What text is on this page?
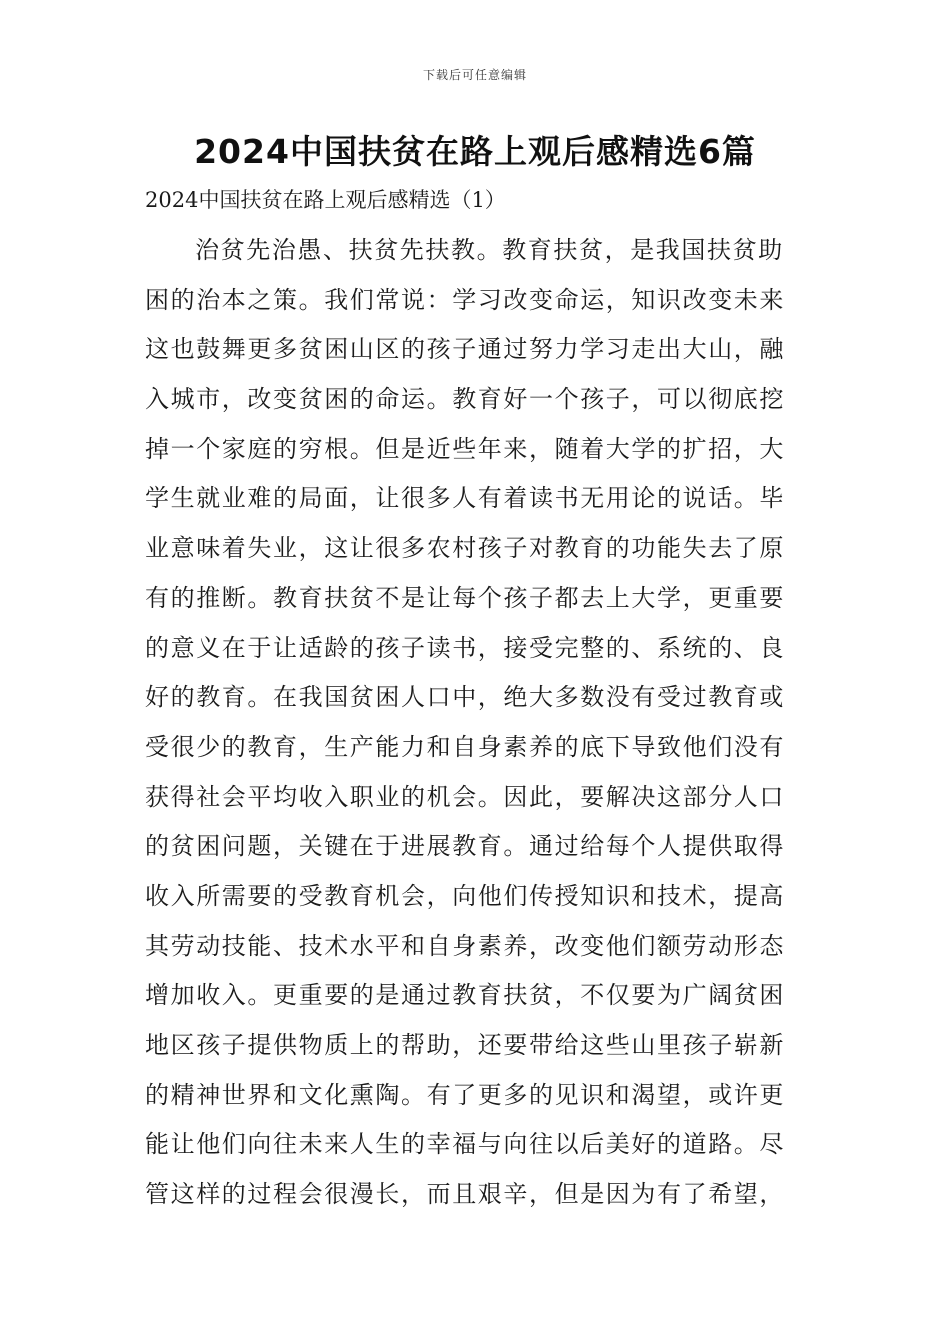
下载后可任意编辑
2024中国扶贫在路上观后感精选6篇
2024中国扶贫在路上观后感精选（1）
治贫先治愚、扶贫先扶教。教育扶贫，是我国扶贫助
困的治本之策。我们常说：学习改变命运，知识改变未来
这也鼓舞更多贫困山区的孩子通过努力学习走出大山，融
入城市，改变贫困的命运。教育好一个孩子，可以彻底挖
掉一个家庭的穷根。但是近些年来，随着大学的扩招，大
学生就业难的局面，让很多人有着读书无用论的说话。毕
业意味着失业，这让很多农村孩子对教育的功能失去了原
有的推断。教育扶贫不是让每个孩子都去上大学，更重要
的意义在于让适龄的孩子读书，接受完整的、系统的、良
好的教育。在我国贫困人口中，绝大多数没有受过教育或
受很少的教育，生产能力和自身素养的底下导致他们没有
获得社会平均收入职业的机会。因此，要解决这部分人口
的贫困问题，关键在于进展教育。通过给每个人提供取得
收入所需要的受教育机会，向他们传授知识和技术，提高
其劳动技能、技术水平和自身素养，改变他们额劳动形态
增加收入。更重要的是通过教育扶贫，不仅要为广阔贫困
地区孩子提供物质上的帮助，还要带给这些山里孩子崭新
的精神世界和文化熏陶。有了更多的见识和渴望，或许更
能让他们向往未来人生的幸福与向往以后美好的道路。尽
管这样的过程会很漫长，而且艰辛，但是因为有了希望，
